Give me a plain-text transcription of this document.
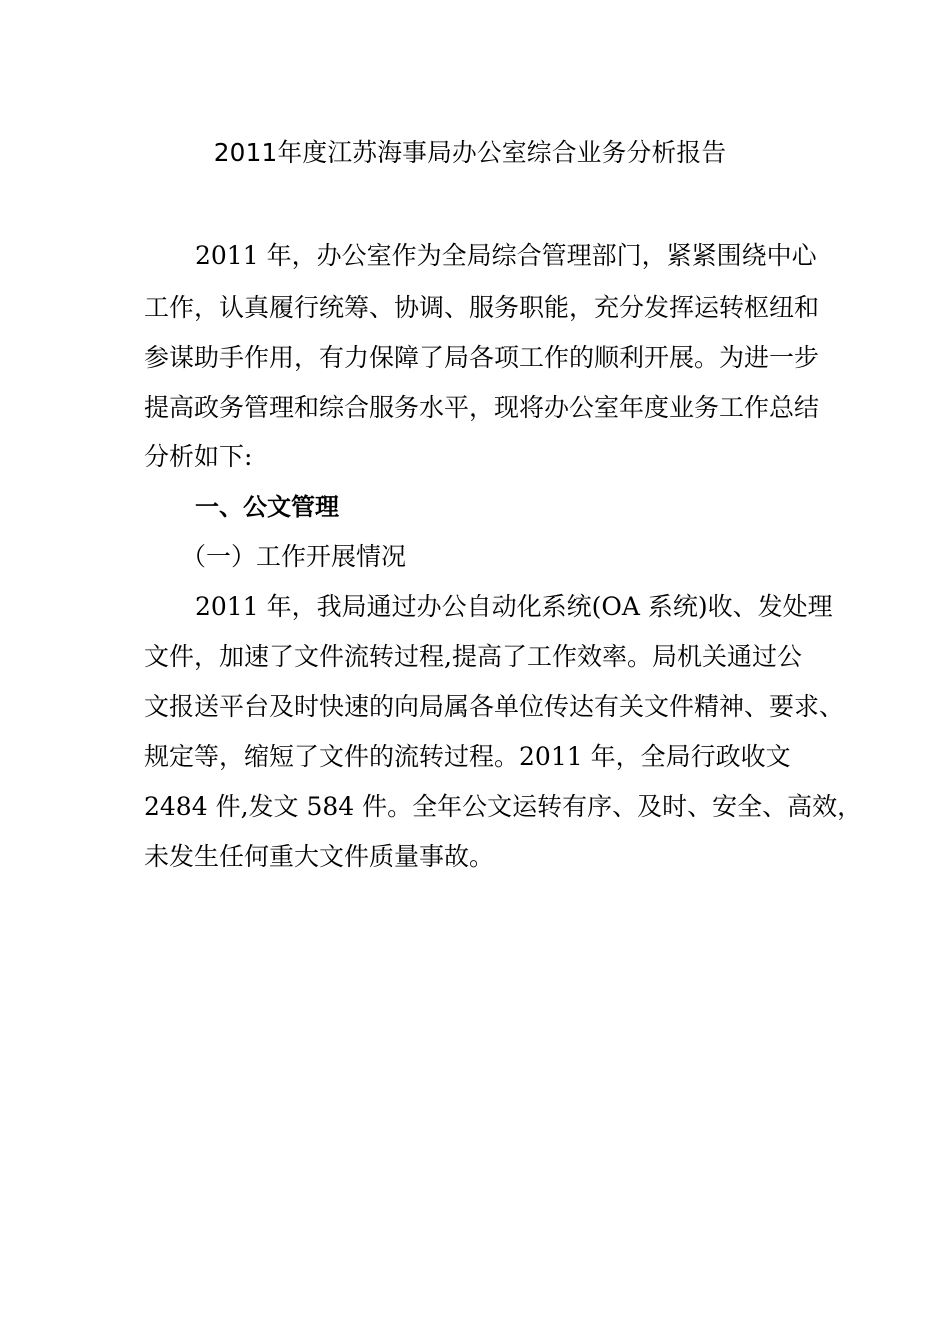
2011年度江苏海事局办公室综合业务分析报告

2011 年，办公室作为全局综合管理部门，紧紧围绕中心

工作，认真履行统筹、协调、服务职能，充分发挥运转枢纽和

参谋助手作用，有力保障了局各项工作的顺利开展。为进一步

提高政务管理和综合服务水平，现将办公室年度业务工作总结

分析如下:

一、公文管理

（一）工作开展情况

2011 年，我局通过办公自动化系统(OA 系统)收、发处理

文件，加速了文件流转过程,提高了工作效率。局机关通过公

文报送平台及时快速的向局属各单位传达有关文件精神、要求、

规定等，缩短了文件的流转过程。2011 年，全局行政收文

2484 件,发文 584 件。全年公文运转有序、及时、安全、高效，

未发生任何重大文件质量事故。
